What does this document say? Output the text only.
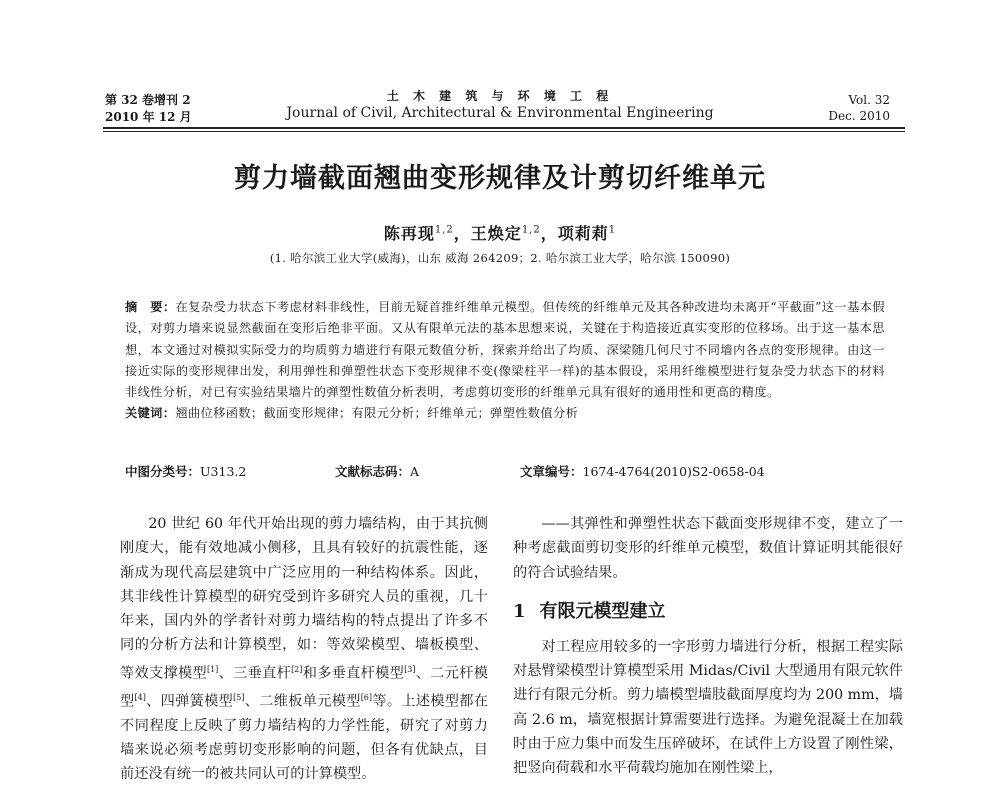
第 32 卷增刊 2
2010 年 12 月
土 木 建 筑 与 环 境 工 程
Journal of Civil, Architectural & Environmental Engineering
Vol. 32
Dec. 2010
剪力墙截面翘曲变形规律及计剪切纤维单元
陈再现$^{1,2}$，王焕定$^{1,2}$，项莉莉$^1$
(1. 哈尔滨工业大学(威海)，山东 威海 264209；2. 哈尔滨工业大学，哈尔滨 150090)
摘　要：在复杂受力状态下考虑材料非线性，目前无疑首推纤维单元模型。但传统的纤维单元及其各种改进均未离开“平截面”这一基本假设，对剪力墙来说显然截面在变形后绝非平面。又从有限单元法的基本思想来说，关键在于构造接近真实变形的位移场。出于这一基本思想，本文通过对模拟实际受力的均质剪力墙进行有限元数值分析，探索并给出了均质、深梁随几何尺寸不同墙内各点的变形规律。由这一接近实际的变形规律出发，利用弹性和弹塑性状态下变形规律不变(像梁柱平一样)的基本假设，采用纤维模型进行复杂受力状态下的材料非线性分析，对已有实验结果墙片的弹塑性数值分析表明，考虑剪切变形的纤维单元具有很好的通用性和更高的精度。
关键词：翘曲位移函数；截面变形规律；有限元分析；纤维单元；弹塑性数值分析
中图分类号：U313.2	文献标志码：A	文章编号：1674-4764(2010)S2-0658-04

20 世纪 60 年代开始出现的剪力墙结构，由于其抗侧刚度大，能有效地减小侧移，且具有较好的抗震性能，逐渐成为现代高层建筑中广泛应用的一种结构体系。因此，其非线性计算模型的研究受到许多研究人员的重视，几十年来，国内外的学者针对剪力墙结构的特点提出了许多不同的分析方法和计算模型，如：等效梁模型、墙板模型、等效支撑模型[1]、三垂直杆[2]和多垂直杆模型[3]、二元杆模型[4]、四弹簧模型[5]、二维板单元模型[6]等。上述模型都在不同程度上反映了剪力墙结构的力学性能，研究了对剪力墙来说必须考虑剪切变形影响的问题，但各有优缺点，目前还没有统一的被共同认可的计算模型。

——其弹性和弹塑性状态下截面变形规律不变，建立了一种考虑截面剪切变形的纤维单元模型，数值计算证明其能很好的符合试验结果。

1 有限元模型建立

对工程应用较多的一字形剪力墙进行分析，根据工程实际对悬臂梁模型计算模型采用 Midas/Civil 大型通用有限元软件进行有限元分析。剪力墙模型墙肢截面厚度均为 200 mm，墙高 2.6 m，墙宽根据计算需要进行选择。为避免混凝土在加载时由于应力集中而发生压碎破坏，在试件上方设置了刚性梁，把竖向荷载和水平荷载均施加在刚性梁上，
